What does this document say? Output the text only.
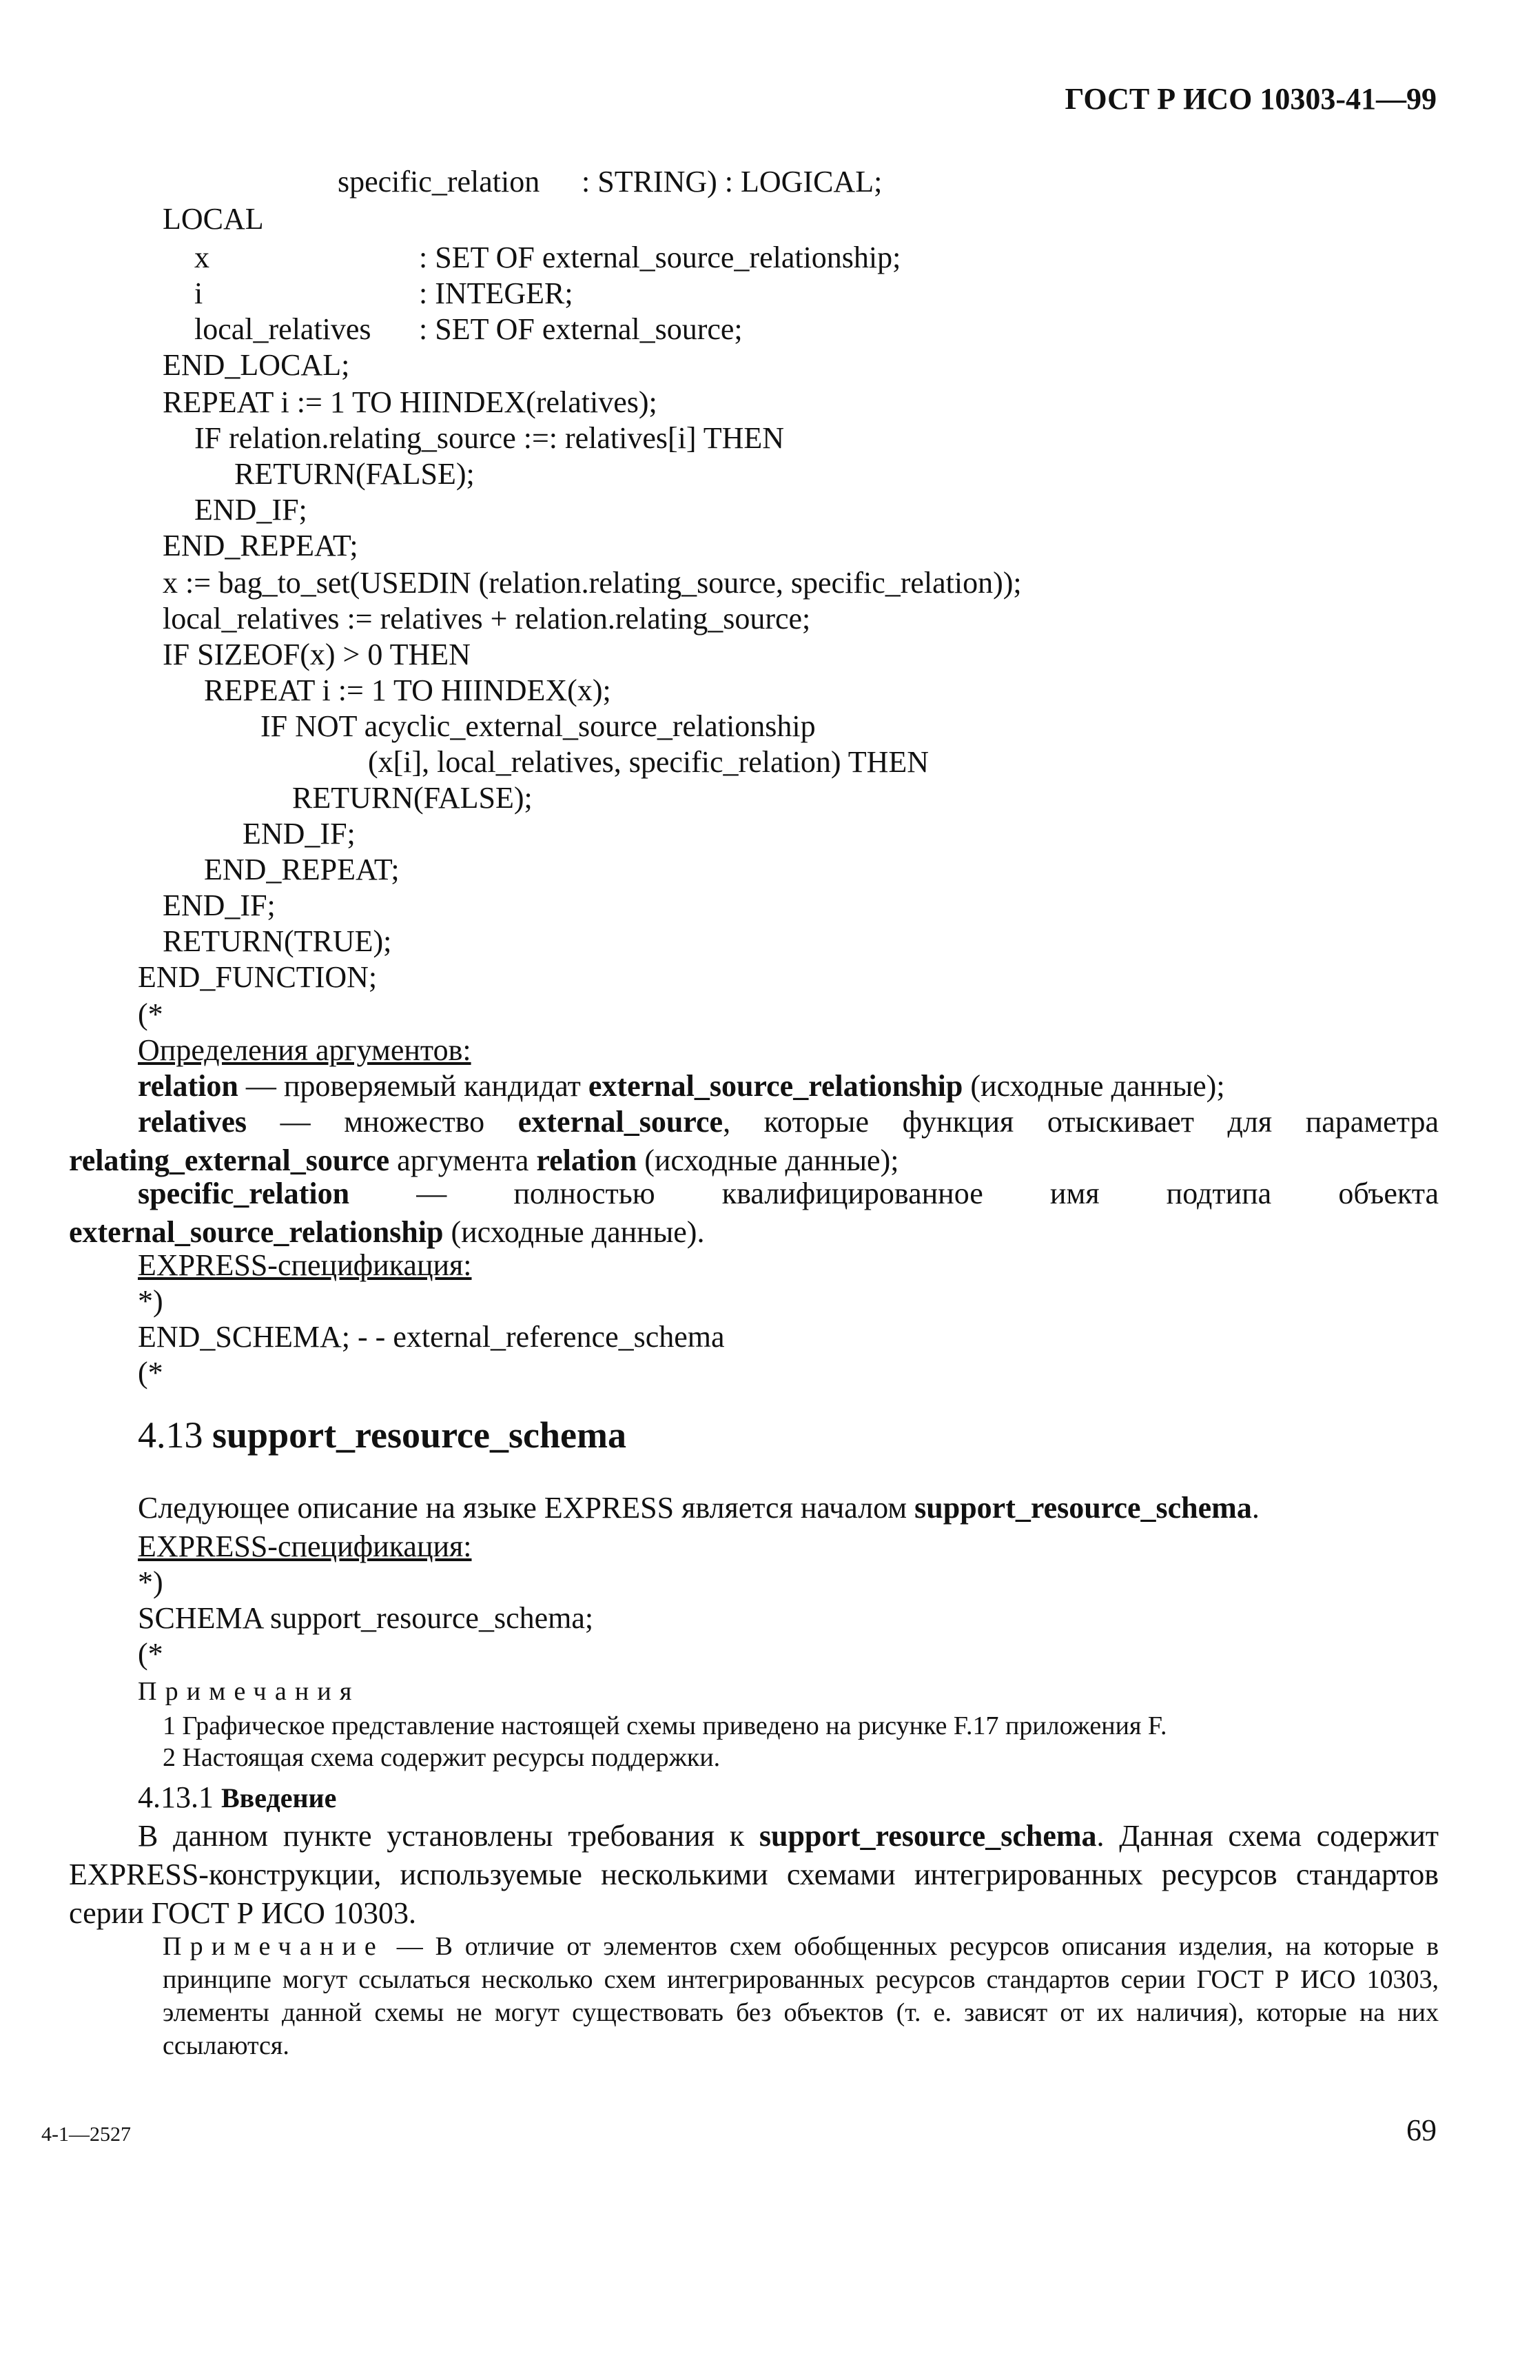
ГОСТ Р ИСО 10303-41—99
specific_relation : STRING) : LOGICAL;
LOCAL
x	: SET OF external_source_relationship;
i	: INTEGER;
local_relatives : SET OF external_source;
END_LOCAL;
REPEAT i := 1 TO HIINDEX(relatives);
IF relation.relating_source :=: relatives[i] THEN
RETURN(FALSE);
END_IF;
END_REPEAT;
x := bag_to_set(USEDIN (relation.relating_source, specific_relation));
local_relatives := relatives + relation.relating_source;
IF SIZEOF(x) > 0 THEN
REPEAT i := 1 TO HIINDEX(x);
IF NOT acyclic_external_source_relationship
(x[i], local_relatives, specific_relation) THEN
RETURN(FALSE);
END_IF;
END_REPEAT;
END_IF;
RETURN(TRUE);
END_FUNCTION;
(*
Определения аргументов:
relation — проверяемый кандидат external_source_relationship (исходные данные);
relatives — множество external_source, которые функция отыскивает для параметра relating_external_source аргумента relation (исходные данные);
specific_relation — полностью квалифицированное имя подтипа объекта external_source_relationship (исходные данные).
EXPRESS-спецификация:
*)
END_SCHEMA; - - external_reference_schema
(*
4.13 support_resource_schema
Следующее описание на языке EXPRESS является началом support_resource_schema.
EXPRESS-спецификация:
*)
SCHEMA support_resource_schema;
(*
Примечания
1 Графическое представление настоящей схемы приведено на рисунке F.17 приложения F.
2 Настоящая схема содержит ресурсы поддержки.
4.13.1 Введение
В данном пункте установлены требования к support_resource_schema. Данная схема содержит EXPRESS-конструкции, используемые несколькими схемами интегрированных ресурсов стандартов серии ГОСТ Р ИСО 10303.
Примечание — В отличие от элементов схем обобщенных ресурсов описания изделия, на которые в принципе могут ссылаться несколько схем интегрированных ресурсов стандартов серии ГОСТ Р ИСО 10303, элементы данной схемы не могут существовать без объектов (т. е. зависят от их наличия), которые на них ссылаются.
4-1—2527	69
